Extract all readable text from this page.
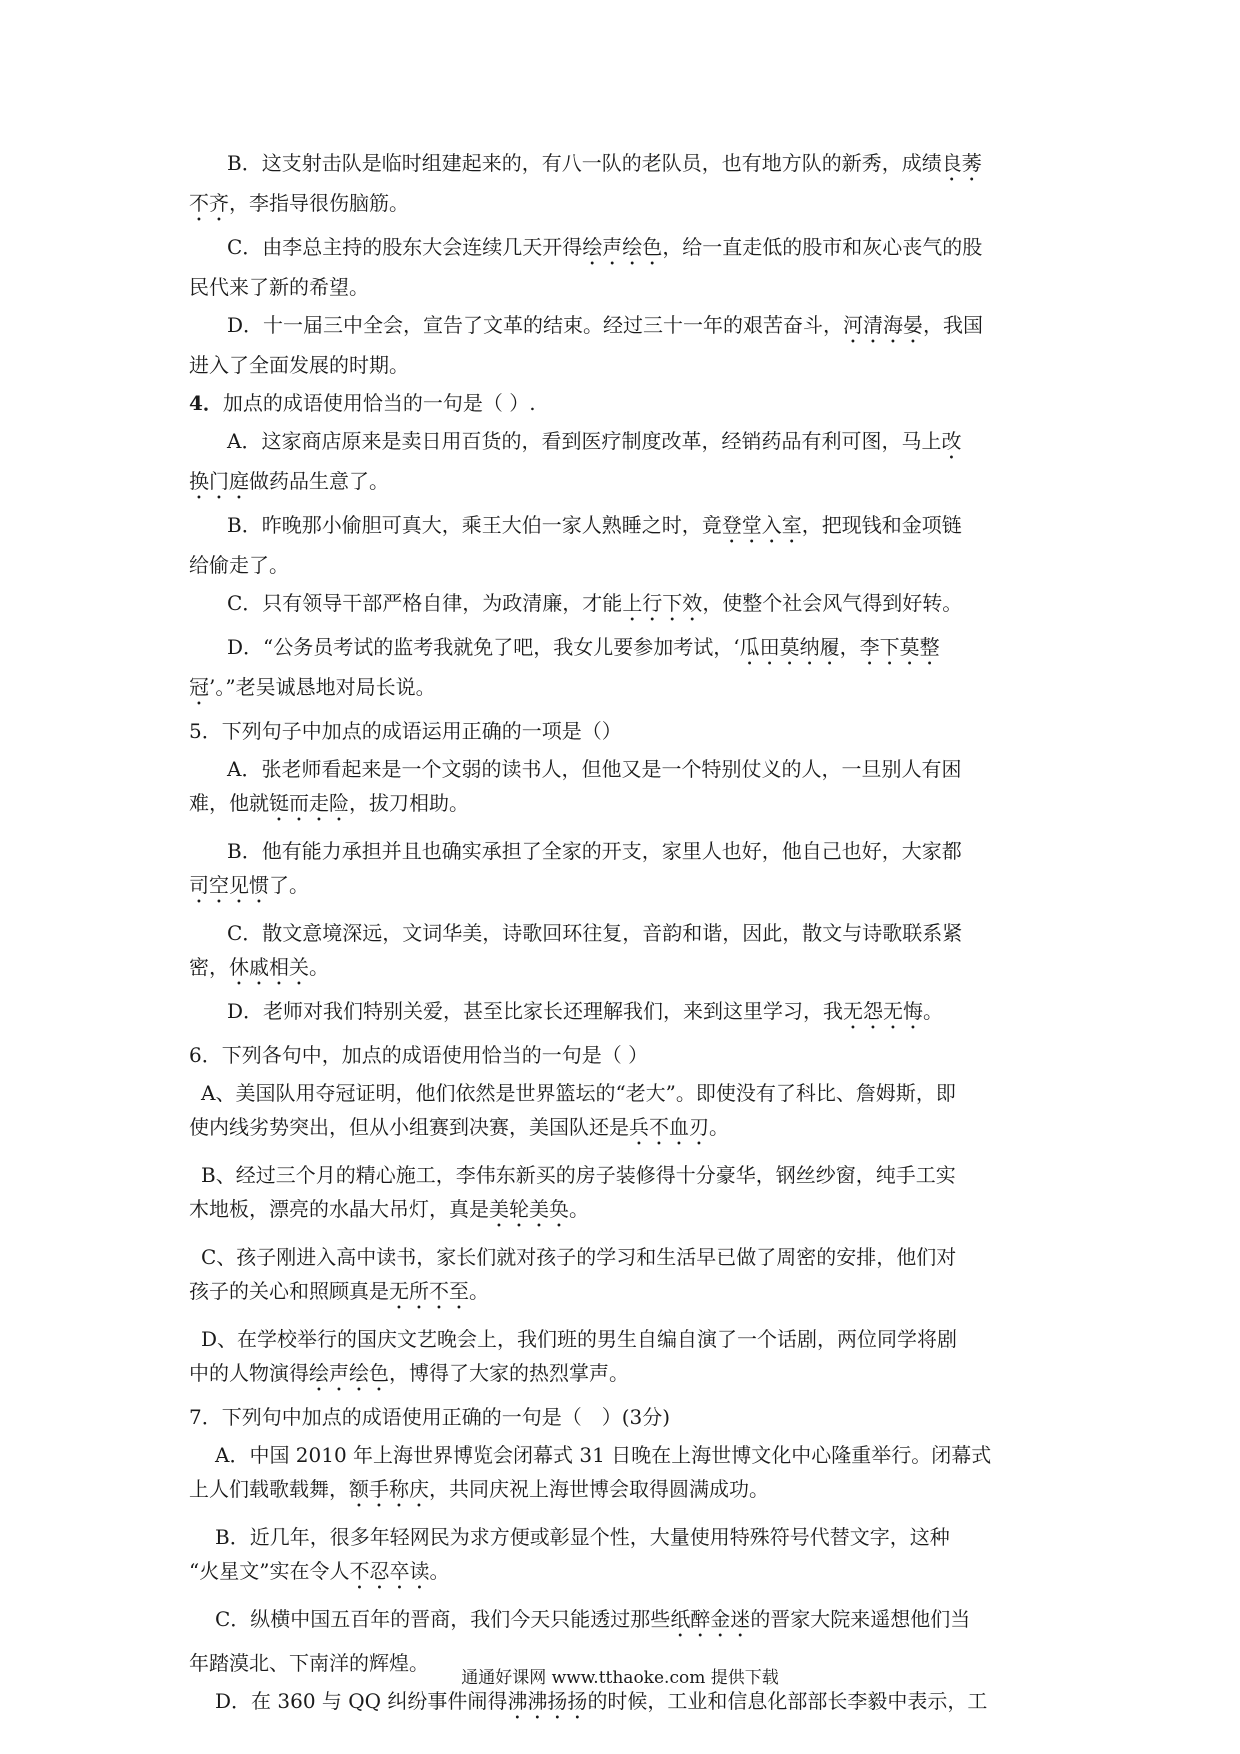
B．这支射击队是临时组建起来的，有八一队的老队员，也有地方队的新秀，成绩良莠
不齐，李指导很伤脑筋。
C．由李总主持的股东大会连续几天开得绘声绘色，给一直走低的股市和灰心丧气的股
民代来了新的希望。
D．十一届三中全会，宣告了文革的结束。经过三十一年的艰苦奋斗，河清海晏，我国
进入了全面发展的时期。
4．加点的成语使用恰当的一句是（ ）.
A．这家商店原来是卖日用百货的，看到医疗制度改革，经销药品有利可图，马上改
换门庭做药品生意了。
B．昨晚那小偷胆可真大，乘王大伯一家人熟睡之时，竟登堂入室，把现钱和金项链
给偷走了。
C．只有领导干部严格自律，为政清廉，才能上行下效，使整个社会风气得到好转。
D．“公务员考试的监考我就免了吧，我女儿要参加考试，‘瓜田莫纳履，李下莫整
冠’。”老吴诚恳地对局长说。
5．下列句子中加点的成语运用正确的一项是（）
A．张老师看起来是一个文弱的读书人，但他又是一个特别仗义的人，一旦别人有困
难，他就铤而走险，拔刀相助。
B．他有能力承担并且也确实承担了全家的开支，家里人也好，他自己也好，大家都
司空见惯了。
C．散文意境深远，文词华美，诗歌回环往复，音韵和谐，因此，散文与诗歌联系紧
密，休戚相关。
D．老师对我们特别关爱，甚至比家长还理解我们，来到这里学习，我无怨无悔。
6．下列各句中，加点的成语使用恰当的一句是（ ）
A、美国队用夺冠证明，他们依然是世界篮坛的“老大”。即使没有了科比、詹姆斯，即
使内线劣势突出，但从小组赛到决赛，美国队还是兵不血刃。
B、经过三个月的精心施工，李伟东新买的房子装修得十分豪华，钢丝纱窗，纯手工实
木地板，漂亮的水晶大吊灯，真是美轮美奂。
C、孩子刚进入高中读书，家长们就对孩子的学习和生活早已做了周密的安排，他们对
孩子的关心和照顾真是无所不至。
D、在学校举行的国庆文艺晚会上，我们班的男生自编自演了一个话剧，两位同学将剧
中的人物演得绘声绘色，博得了大家的热烈掌声。
7．下列句中加点的成语使用正确的一句是（　）(3分)
A．中国 2010 年上海世界博览会闭幕式 31 日晚在上海世博文化中心隆重举行。闭幕式
上人们载歌载舞，额手称庆，共同庆祝上海世博会取得圆满成功。
B．近几年，很多年轻网民为求方便或彰显个性，大量使用特殊符号代替文字，这种
“火星文”实在令人不忍卒读。
C．纵横中国五百年的晋商，我们今天只能透过那些纸醉金迷的晋家大院来遥想他们当
年踏漠北、下南洋的辉煌。
D．在 360 与 QQ 纠纷事件闹得沸沸扬扬的时候，工业和信息化部部长李毅中表示，工
通通好课网 www.tthaoke.com 提供下载
